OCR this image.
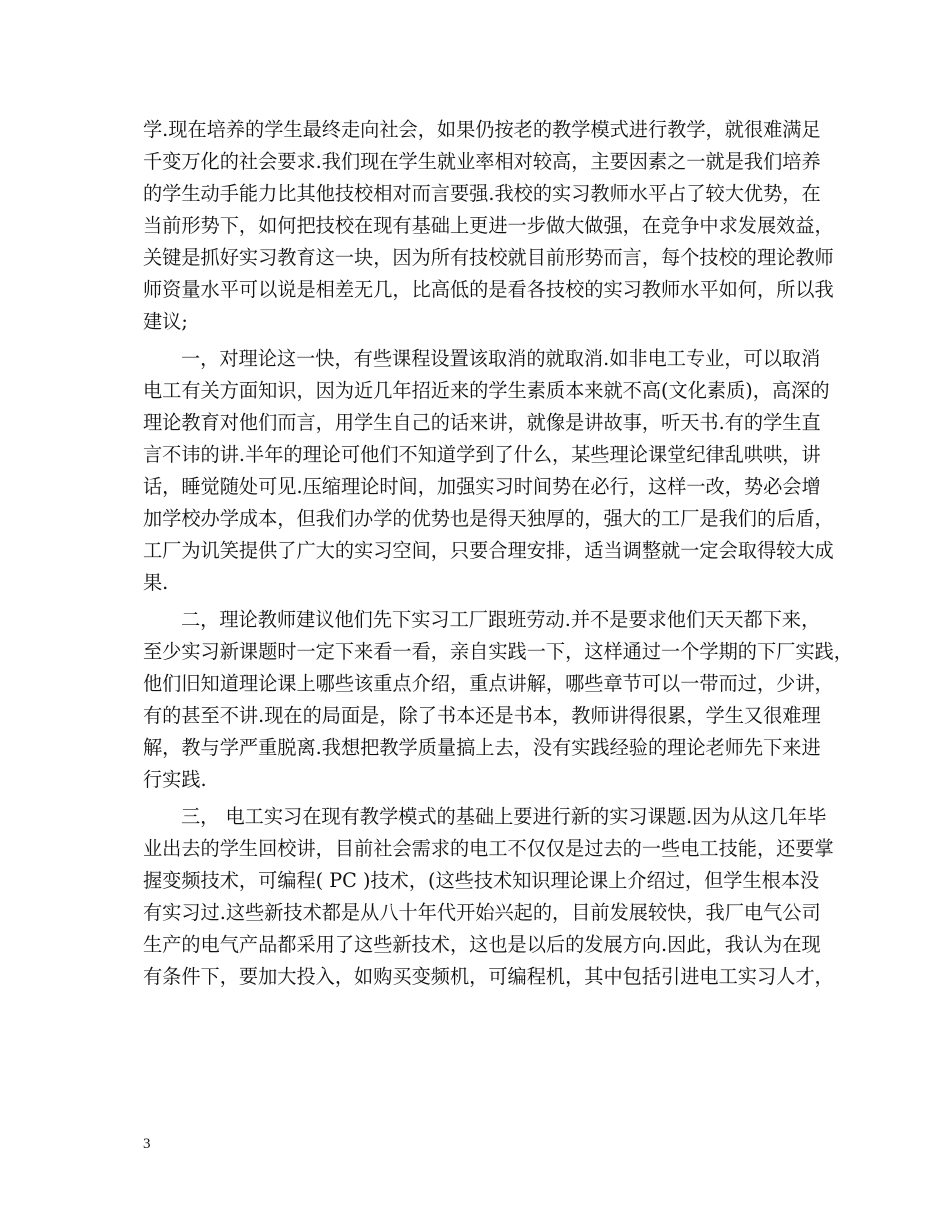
学.现在培养的学生最终走向社会，如果仍按老的教学模式进行教学，就很难满足
千变万化的社会要求.我们现在学生就业率相对较高，主要因素之一就是我们培养
的学生动手能力比其他技校相对而言要强.我校的实习教师水平占了较大优势，在
当前形势下，如何把技校在现有基础上更进一步做大做强，在竞争中求发展效益，
关键是抓好实习教育这一块，因为所有技校就目前形势而言，每个技校的理论教师
师资量水平可以说是相差无几，比高低的是看各技校的实习教师水平如何，所以我
建议;
一，对理论这一快，有些课程设置该取消的就取消.如非电工专业，可以取消
电工有关方面知识，因为近几年招近来的学生素质本来就不高(文化素质)，高深的
理论教育对他们而言，用学生自己的话来讲，就像是讲故事，听天书.有的学生直
言不讳的讲.半年的理论可他们不知道学到了什么，某些理论课堂纪律乱哄哄，讲
话，睡觉随处可见.压缩理论时间，加强实习时间势在必行，这样一改，势必会增
加学校办学成本，但我们办学的优势也是得天独厚的，强大的工厂是我们的后盾，
工厂为讥笑提供了广大的实习空间，只要合理安排，适当调整就一定会取得较大成
果.
二，理论教师建议他们先下实习工厂跟班劳动.并不是要求他们天天都下来，
至少实习新课题时一定下来看一看，亲自实践一下，这样通过一个学期的下厂实践，
他们旧知道理论课上哪些该重点介绍，重点讲解，哪些章节可以一带而过，少讲，
有的甚至不讲.现在的局面是，除了书本还是书本，教师讲得很累，学生又很难理
解，教与学严重脱离.我想把教学质量搞上去，没有实践经验的理论老师先下来进
行实践.
三， 电工实习在现有教学模式的基础上要进行新的实习课题.因为从这几年毕
业出去的学生回校讲，目前社会需求的电工不仅仅是过去的一些电工技能，还要掌
握变频技术，可编程( PC )技术，(这些技术知识理论课上介绍过，但学生根本没
有实习过.这些新技术都是从八十年代开始兴起的，目前发展较快，我厂电气公司
生产的电气产品都采用了这些新技术，这也是以后的发展方向.因此，我认为在现
有条件下，要加大投入，如购买变频机，可编程机，其中包括引进电工实习人才，
3
